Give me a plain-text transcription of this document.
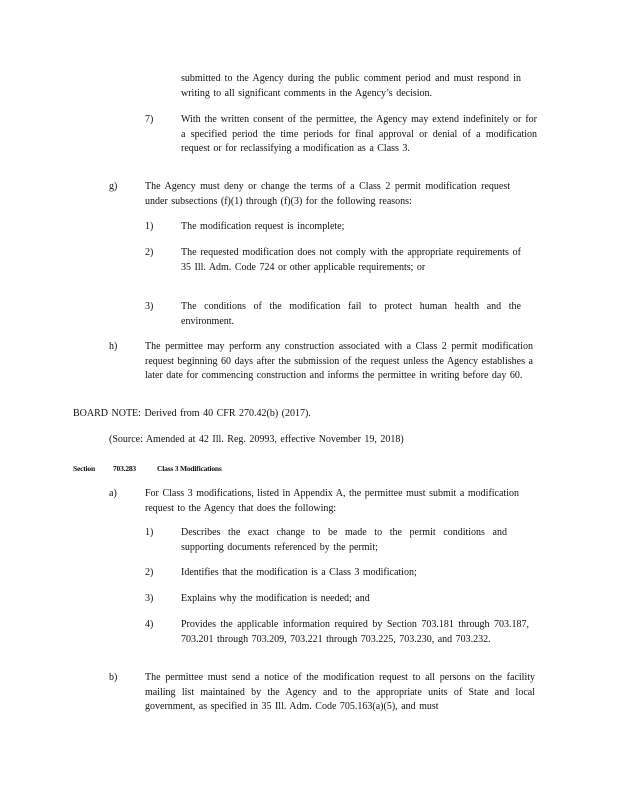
submitted to the Agency during the public comment period and must respond in writing to all significant comments in the Agency’s decision.
7)	With the written consent of the permittee, the Agency may extend indefinitely or for a specified period the time periods for final approval or denial of a modification request or for reclassifying a modification as a Class 3.
g)	The Agency must deny or change the terms of a Class 2 permit modification request under subsections (f)(1) through (f)(3) for the following reasons:
1)	The modification request is incomplete;
2)	The requested modification does not comply with the appropriate requirements of 35 Ill. Adm. Code 724 or other applicable requirements; or
3)	The conditions of the modification fail to protect human health and the environment.
h)	The permittee may perform any construction associated with a Class 2 permit modification request beginning 60 days after the submission of the request unless the Agency establishes a later date for commencing construction and informs the permittee in writing before day 60.
BOARD NOTE: Derived from 40 CFR 270.42(b) (2017).
(Source: Amended at 42 Ill. Reg. 20993, effective November 19, 2018)
Section 703.283	Class 3 Modifications
a)	For Class 3 modifications, listed in Appendix A, the permittee must submit a modification request to the Agency that does the following:
1)	Describes the exact change to be made to the permit conditions and supporting documents referenced by the permit;
2)	Identifies that the modification is a Class 3 modification;
3)	Explains why the modification is needed; and
4)	Provides the applicable information required by Section 703.181 through 703.187, 703.201 through 703.209, 703.221 through 703.225, 703.230, and 703.232.
b)	The permittee must send a notice of the modification request to all persons on the facility mailing list maintained by the Agency and to the appropriate units of State and local government, as specified in 35 Ill. Adm. Code 705.163(a)(5), and must
